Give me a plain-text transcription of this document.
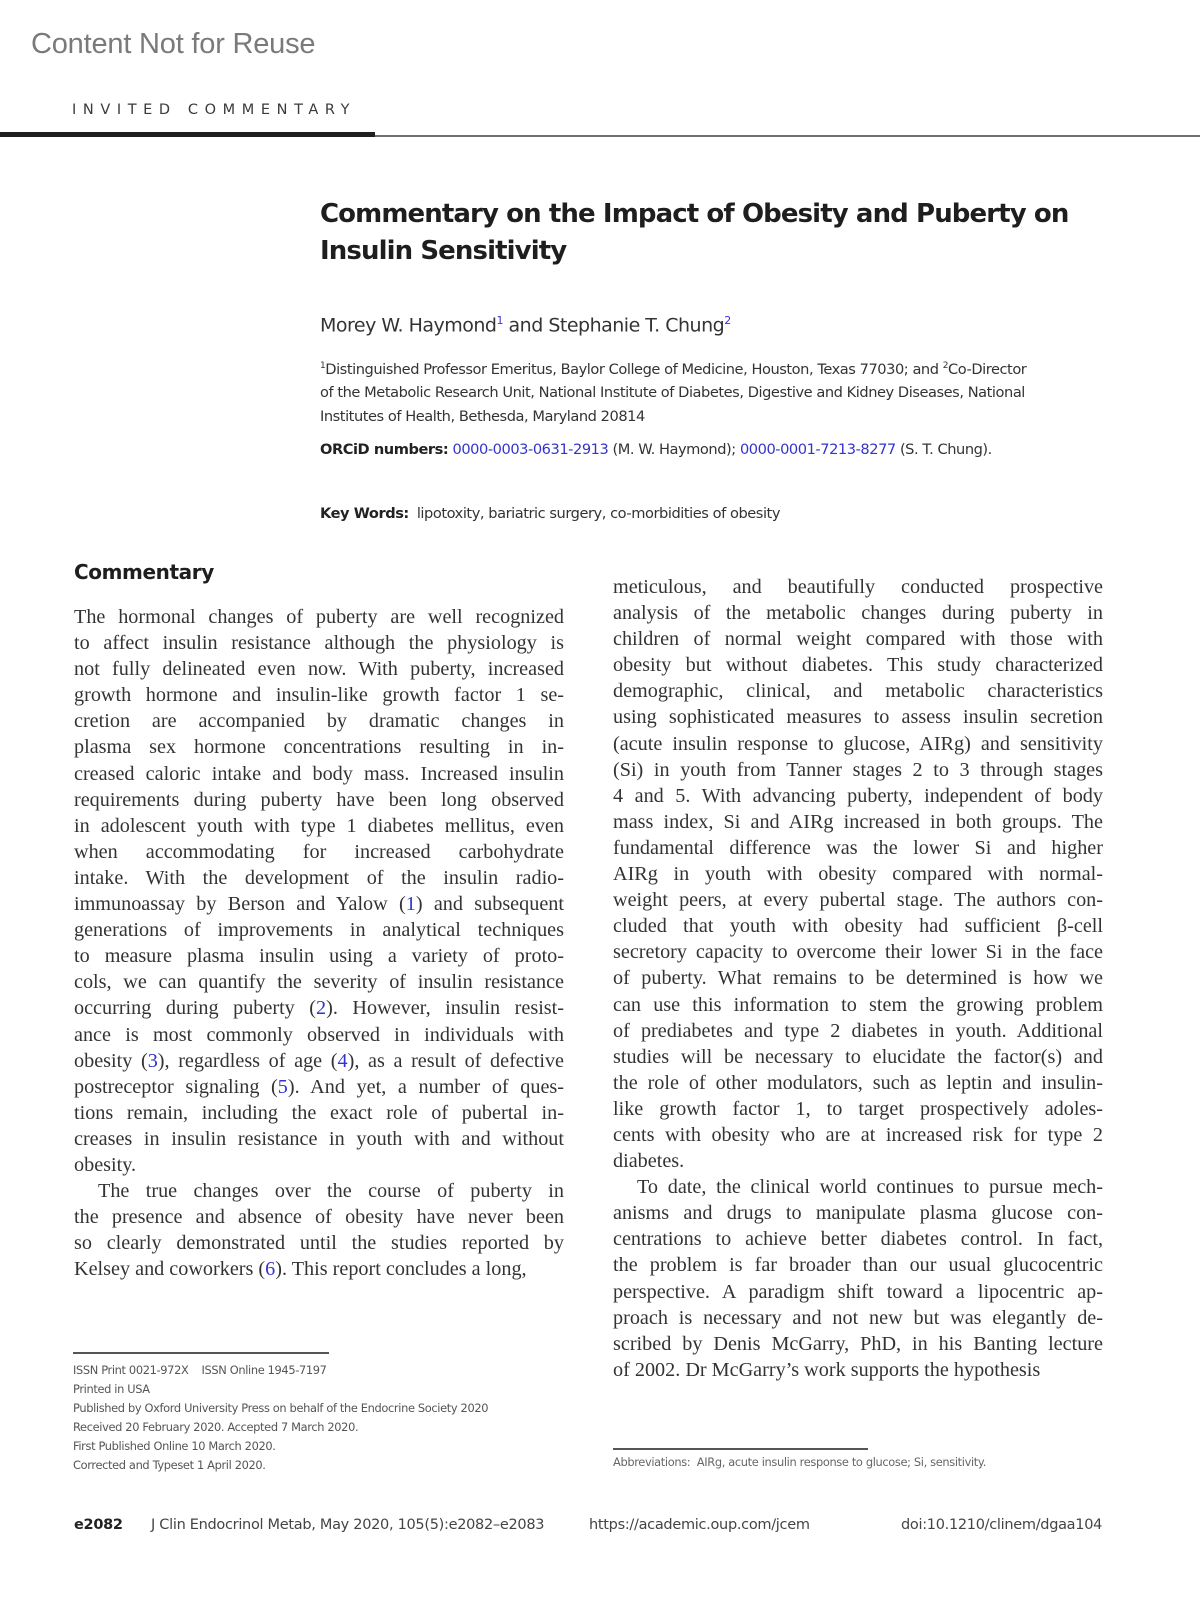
Content Not for Reuse
INVITED COMMENTARY
Commentary on the Impact of Obesity and Puberty on
Insulin Sensitivity
Morey W. Haymond$^1$ and Stephanie T. Chung$^2$
$^1$Distinguished Professor Emeritus, Baylor College of Medicine, Houston, Texas 77030; and $^2$Co-Director
of the Metabolic Research Unit, National Institute of Diabetes, Digestive and Kidney Diseases, National
Institutes of Health, Bethesda, Maryland 20814
ORCiD numbers: 0000-0003-0631-2913 (M. W. Haymond); 0000-0001-7213-8277 (S. T. Chung).
Key Words: lipotoxity, bariatric surgery, co-morbidities of obesity
Commentary
The hormonal changes of puberty are well recognized
to affect insulin resistance although the physiology is
not fully delineated even now. With puberty, increased
growth hormone and insulin-like growth factor 1 se-
cretion are accompanied by dramatic changes in
plasma sex hormone concentrations resulting in in-
creased caloric intake and body mass. Increased insulin
requirements during puberty have been long observed
in adolescent youth with type 1 diabetes mellitus, even
when accommodating for increased carbohydrate
intake. With the development of the insulin radio-
immunoassay by Berson and Yalow (1) and subsequent
generations of improvements in analytical techniques
to measure plasma insulin using a variety of proto-
cols, we can quantify the severity of insulin resistance
occurring during puberty (2). However, insulin resist-
ance is most commonly observed in individuals with
obesity (3), regardless of age (4), as a result of defective
postreceptor signaling (5). And yet, a number of ques-
tions remain, including the exact role of pubertal in-
creases in insulin resistance in youth with and without
obesity.
The true changes over the course of puberty in
the presence and absence of obesity have never been
so clearly demonstrated until the studies reported by
Kelsey and coworkers (6). This report concludes a long,
meticulous, and beautifully conducted prospective
analysis of the metabolic changes during puberty in
children of normal weight compared with those with
obesity but without diabetes. This study characterized
demographic, clinical, and metabolic characteristics
using sophisticated measures to assess insulin secretion
(acute insulin response to glucose, AIRg) and sensitivity
(Si) in youth from Tanner stages 2 to 3 through stages
4 and 5. With advancing puberty, independent of body
mass index, Si and AIRg increased in both groups. The
fundamental difference was the lower Si and higher
AIRg in youth with obesity compared with normal-
weight peers, at every pubertal stage. The authors con-
cluded that youth with obesity had sufficient β-cell
secretory capacity to overcome their lower Si in the face
of puberty. What remains to be determined is how we
can use this information to stem the growing problem
of prediabetes and type 2 diabetes in youth. Additional
studies will be necessary to elucidate the factor(s) and
the role of other modulators, such as leptin and insulin-
like growth factor 1, to target prospectively adoles-
cents with obesity who are at increased risk for type 2
diabetes.
To date, the clinical world continues to pursue mech-
anisms and drugs to manipulate plasma glucose con-
centrations to achieve better diabetes control. In fact,
the problem is far broader than our usual glucocentric
perspective. A paradigm shift toward a lipocentric ap-
proach is necessary and not new but was elegantly de-
scribed by Denis McGarry, PhD, in his Banting lecture
of 2002. Dr McGarry’s work supports the hypothesis
ISSN Print 0021-972X    ISSN Online 1945-7197
Printed in USA
Published by Oxford University Press on behalf of the Endocrine Society 2020
Received 20 February 2020. Accepted 7 March 2020.
First Published Online 10 March 2020.
Corrected and Typeset 1 April 2020.	Abbreviations:  AIRg, acute insulin response to glucose; Si, sensitivity.
e2082 J Clin Endocrinol Metab, May 2020, 105(5):e2082–e2083	https://academic.oup.com/jcem	doi:10.1210/clinem/dgaa104
